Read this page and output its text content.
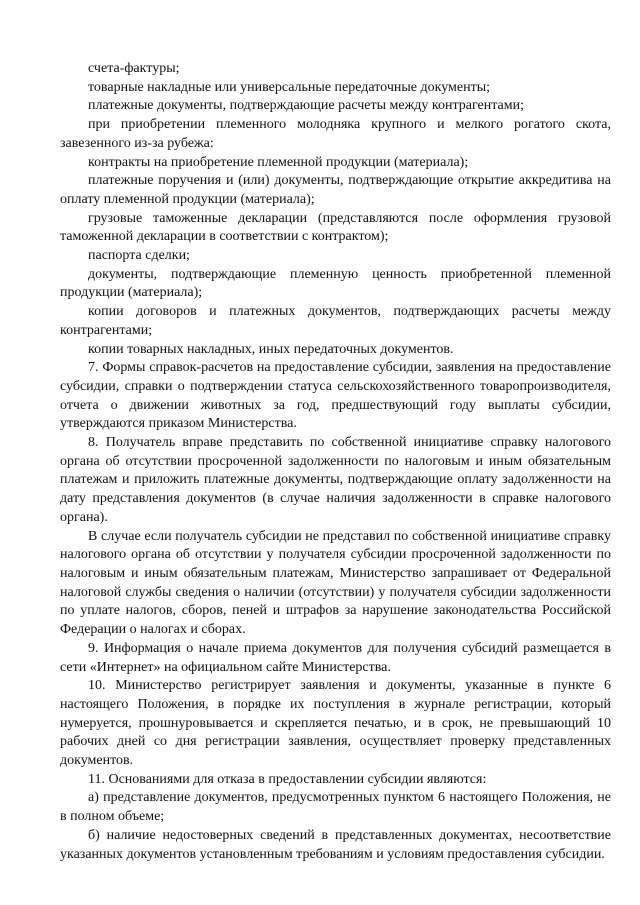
счета-фактуры;

товарные накладные или универсальные передаточные документы;

платежные документы, подтверждающие расчеты между контрагентами;

при приобретении племенного молодняка крупного и мелкого рогатого скота, завезенного из-за рубежа:

контракты на приобретение племенной продукции (материала);

платежные поручения и (или) документы, подтверждающие открытие аккредитива на оплату племенной продукции (материала);

грузовые таможенные декларации (представляются после оформления грузовой таможенной декларации в соответствии с контрактом);

паспорта сделки;

документы, подтверждающие племенную ценность приобретенной племенной продукции (материала);

копии договоров и платежных документов, подтверждающих расчеты между контрагентами;

копии товарных накладных, иных передаточных документов.

7. Формы справок-расчетов на предоставление субсидии, заявления на предоставление субсидии, справки о подтверждении статуса сельскохозяйственного товаропроизводителя, отчета о движении животных за год, предшествующий году выплаты субсидии, утверждаются приказом Министерства.

8. Получатель вправе представить по собственной инициативе справку налогового органа об отсутствии просроченной задолженности по налоговым и иным обязательным платежам и приложить платежные документы, подтверждающие оплату задолженности на дату представления документов (в случае наличия задолженности в справке налогового органа).

В случае если получатель субсидии не представил по собственной инициативе справку налогового органа об отсутствии у получателя субсидии просроченной задолженности по налоговым и иным обязательным платежам, Министерство запрашивает от Федеральной налоговой службы сведения о наличии (отсутствии) у получателя субсидии задолженности по уплате налогов, сборов, пеней и штрафов за нарушение законодательства Российской Федерации о налогах и сборах.

9. Информация о начале приема документов для получения субсидий размещается в сети «Интернет» на официальном сайте Министерства.

10. Министерство регистрирует заявления и документы, указанные в пункте 6 настоящего Положения, в порядке их поступления в журнале регистрации, который нумеруется, прошнуровывается и скрепляется печатью, и в срок, не превышающий 10 рабочих дней со дня регистрации заявления, осуществляет проверку представленных документов.

11. Основаниями для отказа в предоставлении субсидии являются:

а) представление документов, предусмотренных пунктом 6 настоящего Положения, не в полном объеме;

б) наличие недостоверных сведений в представленных документах, несоответствие указанных документов установленным требованиям и условиям предоставления субсидии.
